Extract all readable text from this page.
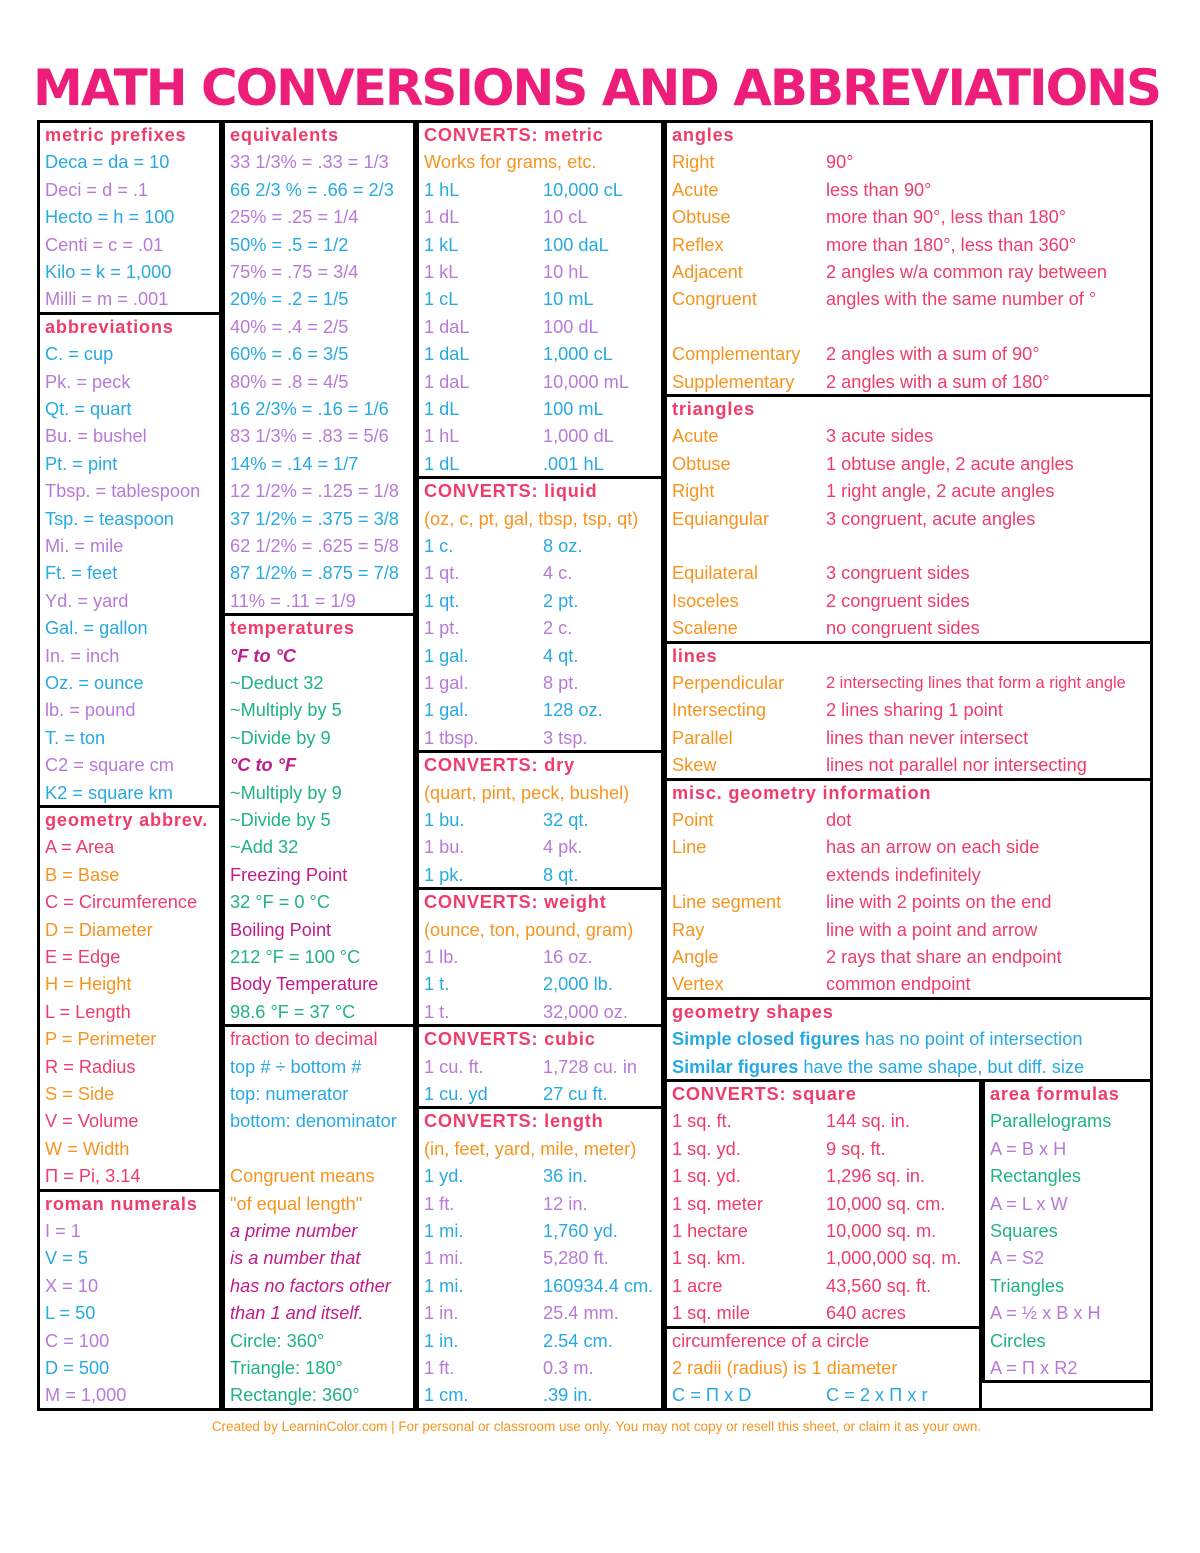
MATH CONVERSIONS AND ABBREVIATIONS
metric prefixes
Deca = da = 10
Deci = d = .1
Hecto = h = 100
Centi = c = .01
Kilo = k = 1,000
Milli = m = .001
abbreviations
C. = cup
Pk. = peck
Qt. = quart
Bu. = bushel
Pt. = pint
Tbsp. = tablespoon
Tsp. = teaspoon
Mi. = mile
Ft. = feet
Yd. = yard
Gal. = gallon
In. = inch
Oz. = ounce
lb. = pound
T. = ton
C2 = square cm
K2 = square km
geometry abbrev.
A = Area
B = Base
C = Circumference
D = Diameter
E = Edge
H = Height
L = Length
P = Perimeter
R = Radius
S = Side
V = Volume
W = Width
Π = Pi, 3.14
roman numerals
I = 1
V = 5
X = 10
L = 50
C = 100
D = 500
M = 1,000
equivalents
33 1/3% = .33 = 1/3
66 2/3 % = .66 = 2/3
25% = .25 = 1/4
50% = .5 = 1/2
75% = .75 = 3/4
20% = .2 = 1/5
40% = .4 = 2/5
60% = .6 = 3/5
80% = .8 = 4/5
16 2/3% = .16 = 1/6
83 1/3% = .83 = 5/6
14% = .14 = 1/7
12 1/2% = .125 = 1/8
37 1/2% = .375 = 3/8
62 1/2% = .625 = 5/8
87 1/2% = .875 = 7/8
11% = .11 = 1/9
temperatures
°F to °C
~Deduct 32
~Multiply by 5
~Divide by 9
°C to °F
~Multiply by 9
~Divide by 5
~Add 32
Freezing Point
32 °F = 0 °C
Boiling Point
212 °F = 100 °C
Body Temperature
98.6 °F = 37 °C
fraction to decimal
top # ÷ bottom #
top: numerator
bottom: denominator
Congruent means
"of equal length"
a prime number
is a number that
has no factors other
than 1 and itself.
Circle: 360°
Triangle: 180°
Rectangle: 360°
CONVERTS: metric
Works for grams, etc.
1 hL	10,000 cL
1 dL	10 cL
1 kL	100 daL
1 kL	10 hL
1 cL	10 mL
1 daL	100 dL
1 daL	1,000 cL
1 daL	10,000 mL
1 dL	100 mL
1 hL	1,000 dL
1 dL	.001 hL
CONVERTS: liquid
(oz, c, pt, gal, tbsp, tsp, qt)
1 c.	8 oz.
1 qt.	4 c.
1 qt.	2 pt.
1 pt.	2 c.
1 gal.	4 qt.
1 gal.	8 pt.
1 gal.	128 oz.
1 tbsp.	3 tsp.
CONVERTS: dry
(quart, pint, peck, bushel)
1 bu.	32 qt.
1 bu.	4 pk.
1 pk.	8 qt.
CONVERTS: weight
(ounce, ton, pound, gram)
1 lb.	16 oz.
1 t.	2,000 lb.
1 t.	32,000 oz.
CONVERTS: cubic
1 cu. ft.	1,728 cu. in
1 cu. yd	27 cu ft.
CONVERTS: length
(in, feet, yard, mile, meter)
1 yd.	36 in.
1 ft.	12 in.
1 mi.	1,760 yd.
1 mi.	5,280 ft.
1 mi.	160934.4 cm.
1 in.	25.4 mm.
1 in.	2.54 cm.
1 ft.	0.3 m.
1 cm.	.39 in.
angles
Right	90°
Acute	less than 90°
Obtuse	more than 90°, less than 180°
Reflex	more than 180°, less than 360°
Adjacent	2 angles w/a common ray between
Congruent	angles with the same number of °
Complementary 2 angles with a sum of 90°
Supplementary 2 angles with a sum of 180°
triangles
Acute	3 acute sides
Obtuse	1 obtuse angle, 2 acute angles
Right	1 right angle, 2 acute angles
Equiangular	3 congruent, acute angles
Equilateral	3 congruent sides
Isoceles	2 congruent sides
Scalene	no congruent sides
lines
Perpendicular	2 intersecting lines that form a right angle
Intersecting	2 lines sharing 1 point
Parallel	lines than never intersect
Skew	lines not parallel nor intersecting
misc. geometry information
Point	dot
Line	has an arrow on each side
extends indefinitely
Line segment line with 2 points on the end
Ray	line with a point and arrow
Angle	2 rays that share an endpoint
Vertex	common endpoint
geometry shapes
Simple closed figures has no point of intersection
Similar figures have the same shape, but diff. size
CONVERTS: square
1 sq. ft.	144 sq. in.
1 sq. yd.	9 sq. ft.
1 sq. yd.	1,296 sq. in.
1 sq. meter	10,000 sq. cm.
1 hectare	10,000 sq. m.
1 sq. km.	1,000,000 sq. m.
1 acre	43,560 sq. ft.
1 sq. mile	640 acres
circumference of a circle
2 radii (radius) is 1 diameter
C = Π x D	C = 2 x Π x r
area formulas
Parallelograms
A = B x H
Rectangles
A = L x W
Squares
A = S2
Triangles
A = ½ x B x H
Circles
A = Π x R2
Created by LearninColor.com | For personal or classroom use only. You may not copy or resell this sheet, or claim it as your own.
